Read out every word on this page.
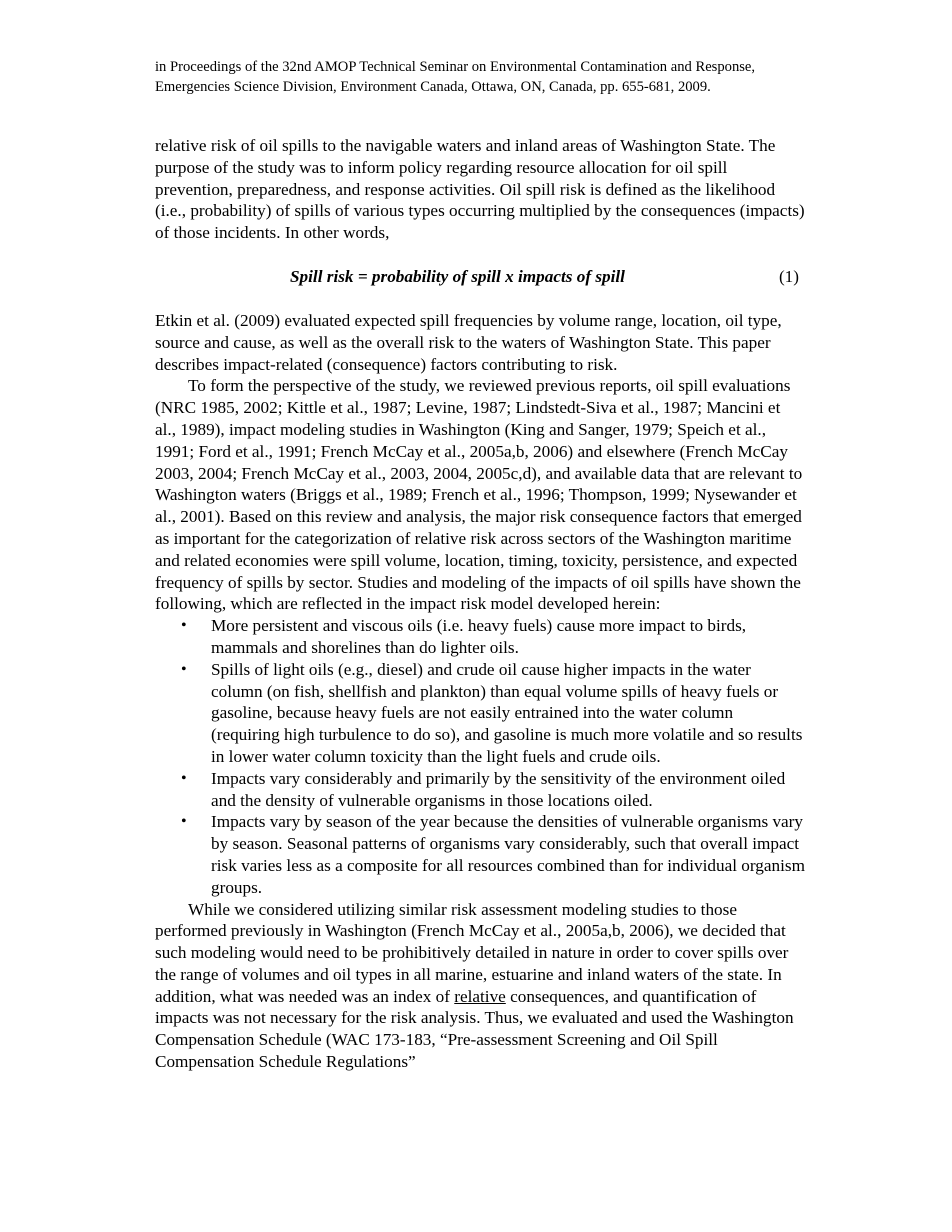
in Proceedings of the 32nd AMOP Technical Seminar on Environmental Contamination and Response, Emergencies Science Division, Environment Canada, Ottawa, ON, Canada, pp. 655-681, 2009.

relative risk of oil spills to the navigable waters and inland areas of Washington State. The purpose of the study was to inform policy regarding resource allocation for oil spill prevention, preparedness, and response activities. Oil spill risk is defined as the likelihood (i.e., probability) of spills of various types occurring multiplied by the consequences (impacts) of those incidents. In other words,

Spill risk = probability of spill x impacts of spill	(1)

Etkin et al. (2009) evaluated expected spill frequencies by volume range, location, oil type, source and cause, as well as the overall risk to the waters of Washington State. This paper describes impact-related (consequence) factors contributing to risk.

To form the perspective of the study, we reviewed previous reports, oil spill evaluations (NRC 1985, 2002; Kittle et al., 1987; Levine, 1987; Lindstedt-Siva et al., 1987; Mancini et al., 1989), impact modeling studies in Washington (King and Sanger, 1979; Speich et al., 1991; Ford et al., 1991; French McCay et al., 2005a,b, 2006) and elsewhere (French McCay 2003, 2004; French McCay et al., 2003, 2004, 2005c,d), and available data that are relevant to Washington waters (Briggs et al., 1989; French et al., 1996; Thompson, 1999; Nysewander et al., 2001). Based on this review and analysis, the major risk consequence factors that emerged as important for the categorization of relative risk across sectors of the Washington maritime and related economies were spill volume, location, timing, toxicity, persistence, and expected frequency of spills by sector. Studies and modeling of the impacts of oil spills have shown the following, which are reflected in the impact risk model developed herein:

• More persistent and viscous oils (i.e. heavy fuels) cause more impact to birds, mammals and shorelines than do lighter oils.
• Spills of light oils (e.g., diesel) and crude oil cause higher impacts in the water column (on fish, shellfish and plankton) than equal volume spills of heavy fuels or gasoline, because heavy fuels are not easily entrained into the water column (requiring high turbulence to do so), and gasoline is much more volatile and so results in lower water column toxicity than the light fuels and crude oils.
• Impacts vary considerably and primarily by the sensitivity of the environment oiled and the density of vulnerable organisms in those locations oiled.
• Impacts vary by season of the year because the densities of vulnerable organisms vary by season. Seasonal patterns of organisms vary considerably, such that overall impact risk varies less as a composite for all resources combined than for individual organism groups.

While we considered utilizing similar risk assessment modeling studies to those performed previously in Washington (French McCay et al., 2005a,b, 2006), we decided that such modeling would need to be prohibitively detailed in nature in order to cover spills over the range of volumes and oil types in all marine, estuarine and inland waters of the state. In addition, what was needed was an index of relative consequences, and quantification of impacts was not necessary for the risk analysis. Thus, we evaluated and used the Washington Compensation Schedule (WAC 173-183, “Pre-assessment Screening and Oil Spill Compensation Schedule Regulations”
